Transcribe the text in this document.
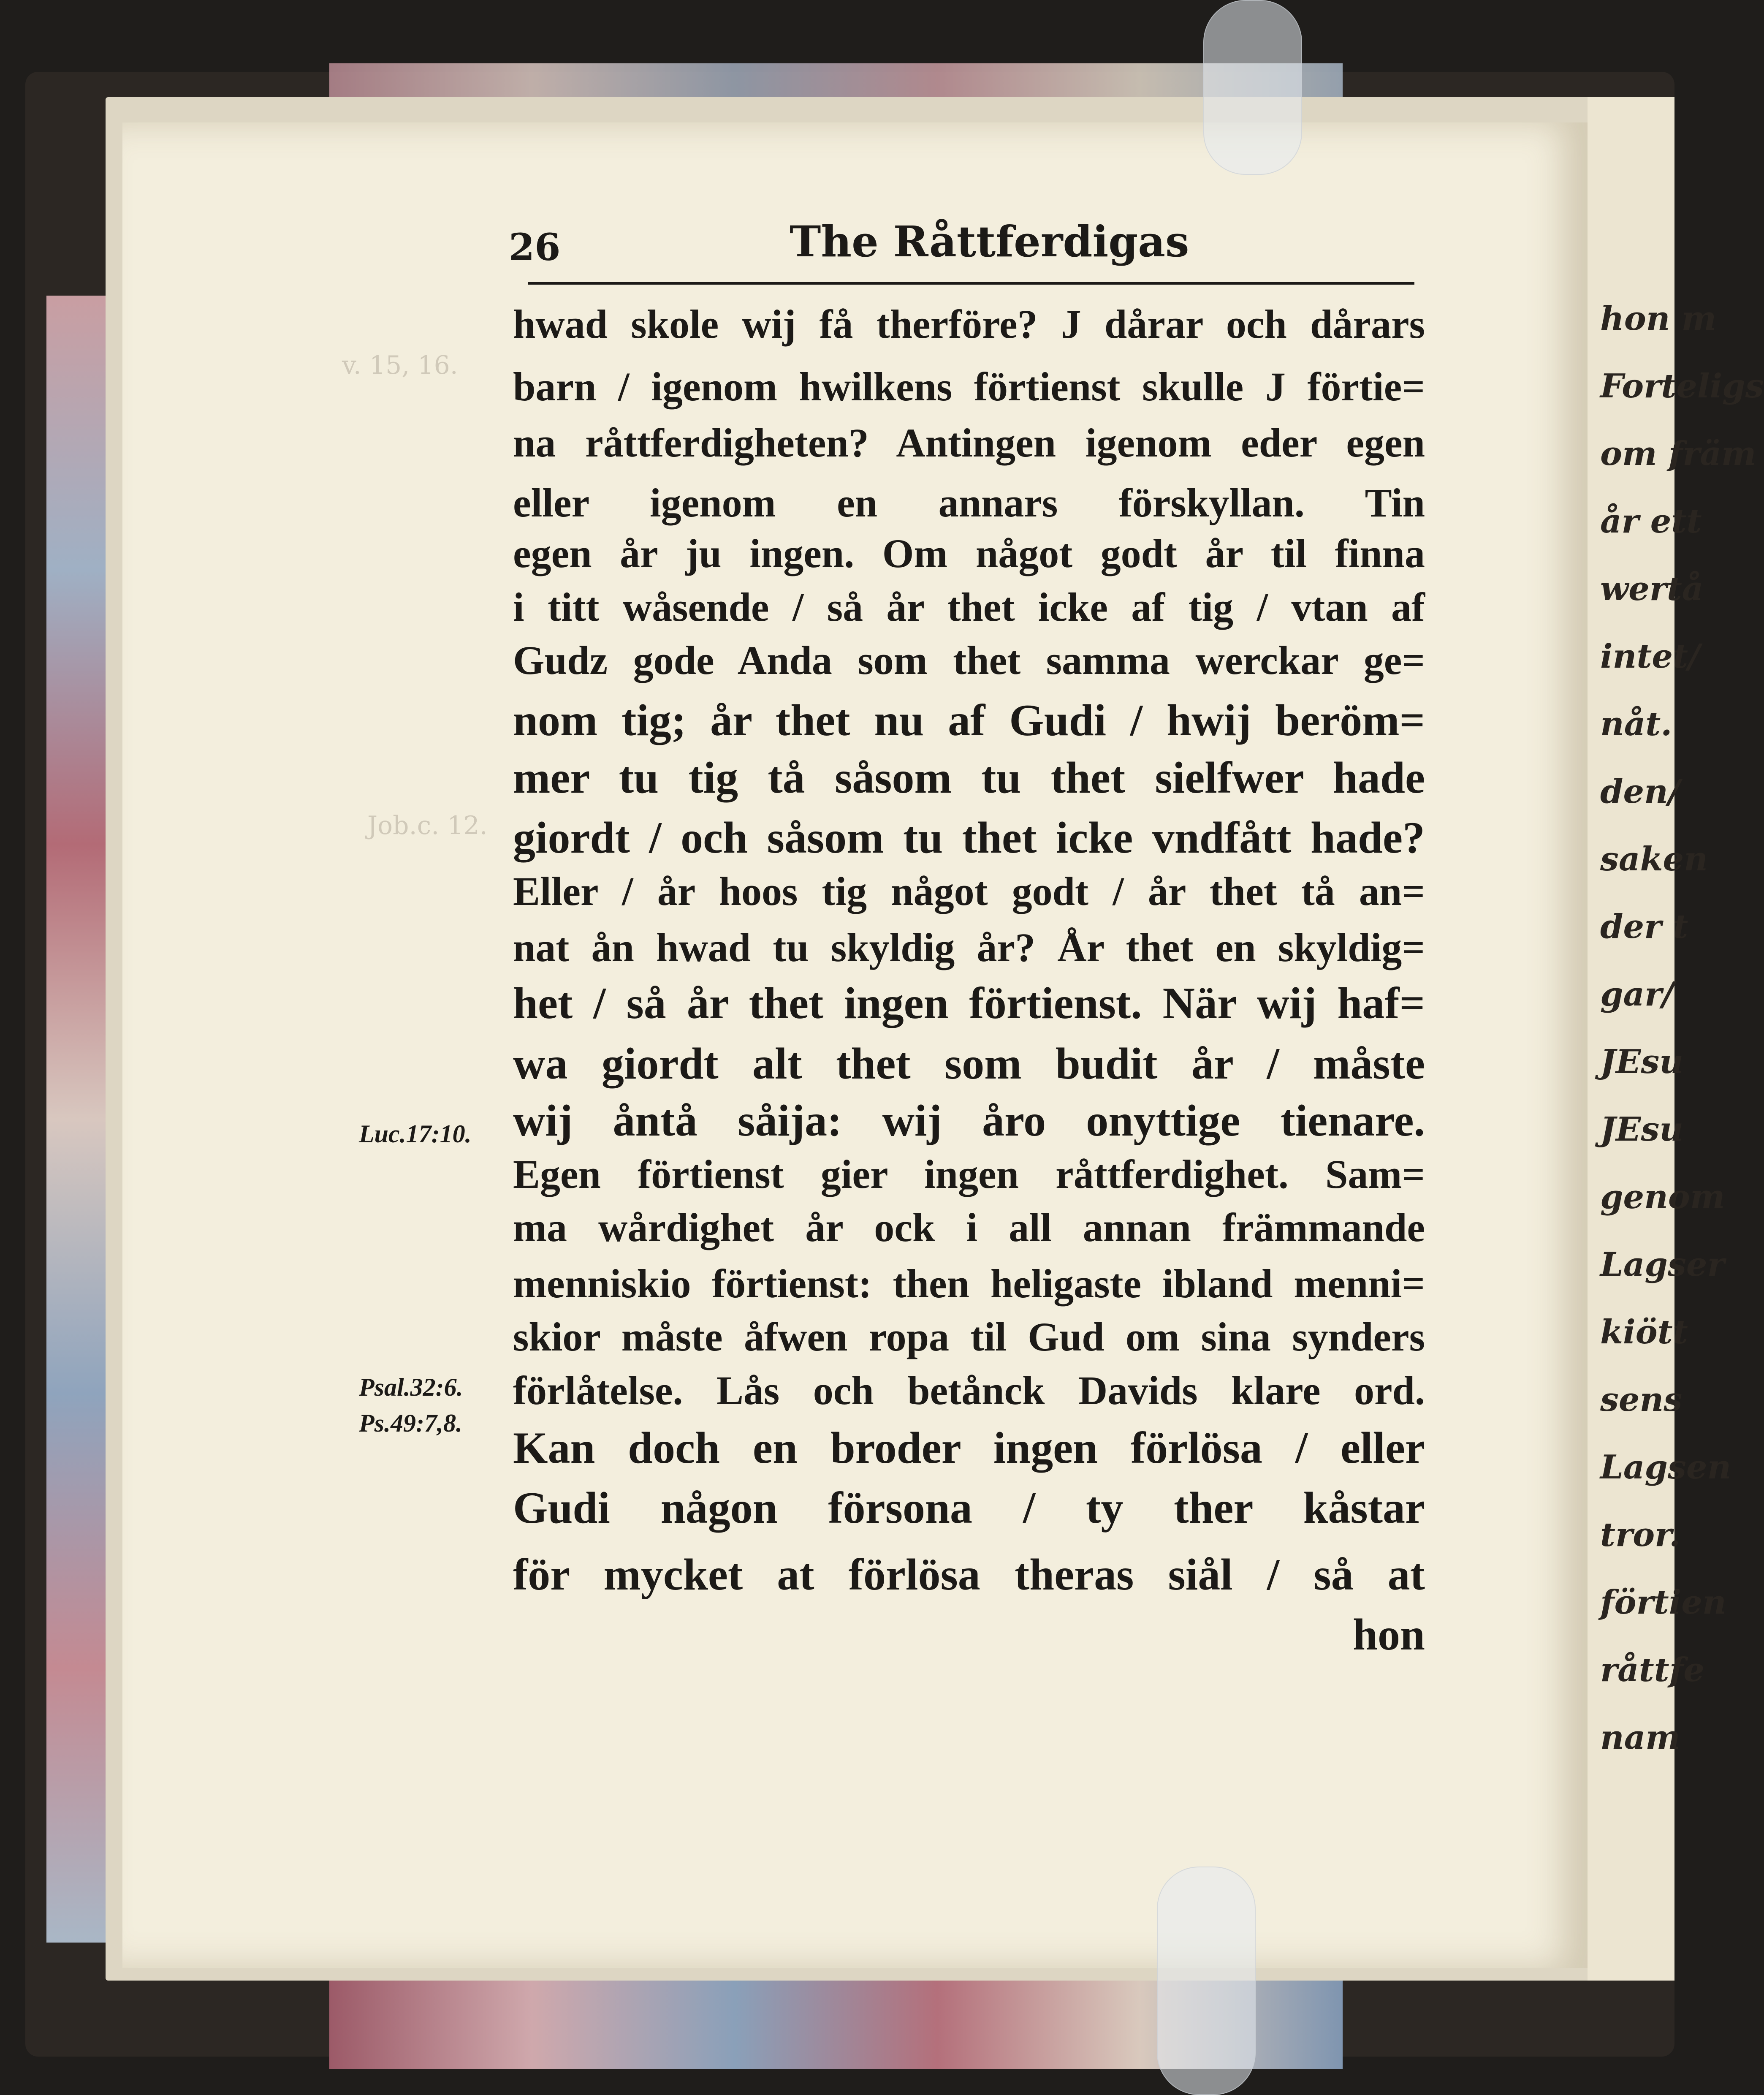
hon m
Forteligs
om främ
år ett
wertå
intet/
nåt.
den/
saken
der t
gar/
JEsu
JEsu
genom
Lagser
kiött
sens
Lagsen
tror.
förtien
råttfe
nam
v. 15, 16.
Job.c. 12.
26	The Råttferdigas
hwad skole wij få therföre? J dårar och dårars
barn / igenom hwilkens förtienst skulle J förtie=
na råttferdigheten? Antingen igenom eder egen
eller igenom en annars förskyllan. Tin
egen år ju ingen. Om något godt år til finna
i titt wåsende / så år thet icke af tig / vtan af
Gudz gode Anda som thet samma werckar ge=
nom tig; år thet nu af Gudi / hwij beröm=
mer tu tig tå såsom tu thet sielfwer hade
giordt / och såsom tu thet icke vndfått hade?
Eller / år hoos tig något godt / år thet tå an=
nat ån hwad tu skyldig år? År thet en skyldig=
het / så år thet ingen förtienst. När wij haf=
wa giordt alt thet som budit år / måste
wij åntå såija: wij åro onyttige tienare.
Egen förtienst gier ingen råttferdighet. Sam=
ma wårdighet år ock i all annan främmande
menniskio förtienst: then heligaste ibland menni=
skior måste åfwen ropa til Gud om sina synders
förlåtelse. Lås och betånck Davids klare ord.
Kan doch en broder ingen förlösa / eller
Gudi någon försona / ty ther kåstar
för mycket at förlösa theras siål / så at
hon
Luc.17:10.
Psal.32:6.
Ps.49:7,8.
